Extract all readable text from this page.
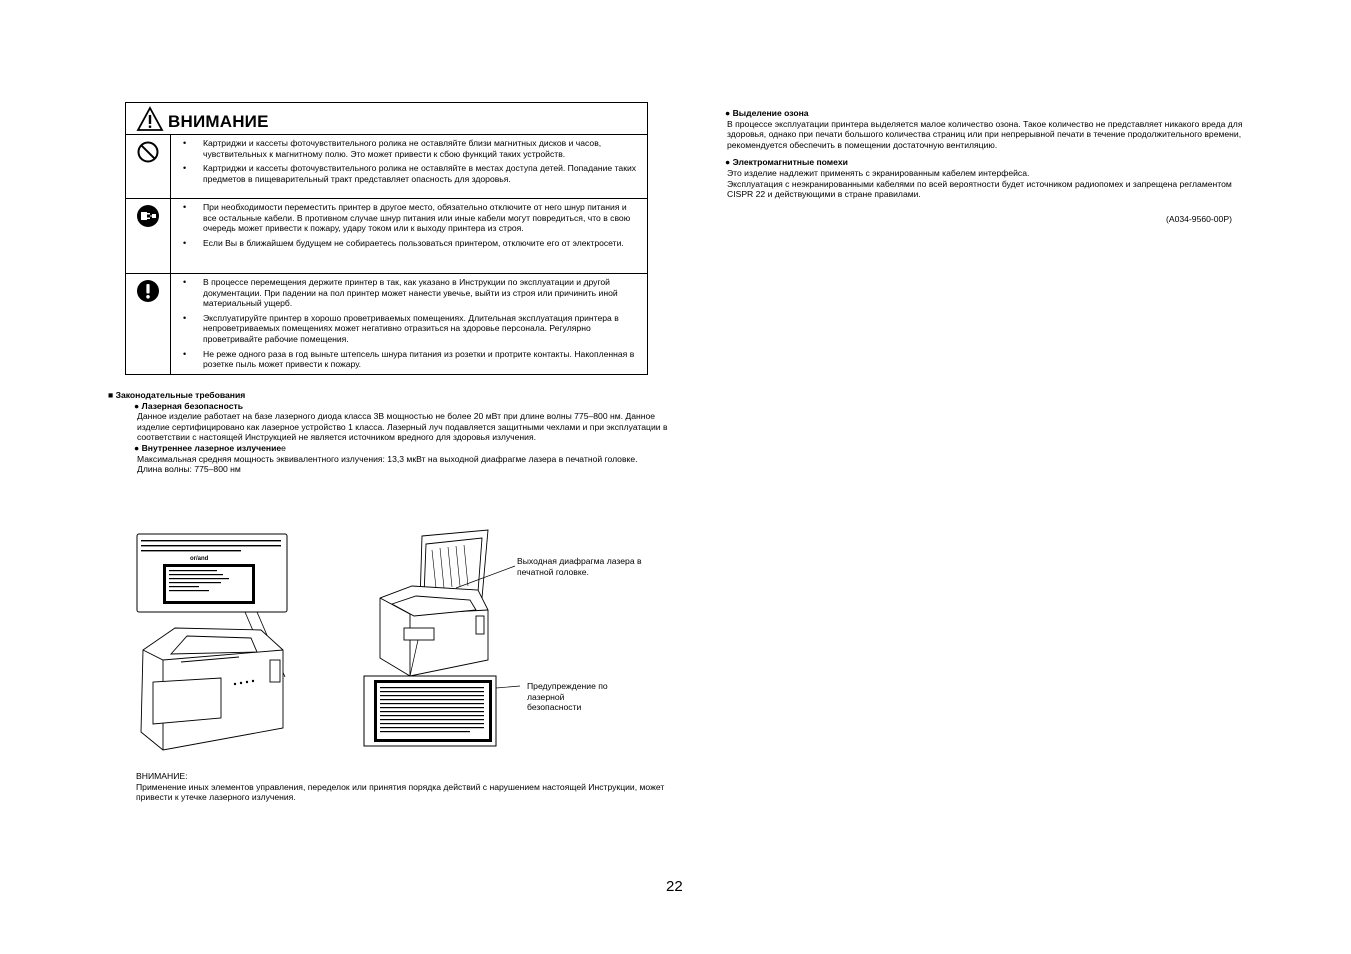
ВНИМАНИЕ
• Картриджи и кассеты фоточувствительного ролика не оставляйте близи магнитных дисков и часов, чувствительных к магнитному полю. Это может привести к сбою функций таких устройств.
• Картриджи и кассеты фоточувствительного ролика не оставляйте в местах доступа детей. Попадание таких предметов в пищеварительный тракт представляет опасность для здоровья.
• При необходимости переместить принтер в другое место, обязательно отключите от него шнур питания и все остальные кабели. В противном случае шнур питания или иные кабели могут повредиться, что в свою очередь может привести к пожару, удару током или к выходу принтера из строя.
• Если Вы в ближайшем будущем не собираетесь пользоваться принтером, отключите его от электросети.
• В процессе перемещения держите принтер в так, как указано в Инструкции по эксплуатации и другой документации. При падении на пол принтер может нанести увечье, выйти из строя или причинить иной материальный ущерб.
• Эксплуатируйте принтер в хорошо проветриваемых помещениях. Длительная эксплуатация принтера в непроветриваемых помещениях может негативно отразиться на здоровье персонала. Регулярно проветривайте рабочие помещения.
• Не реже одного раза в год выньте штепсель шнура питания из розетки и протрите контакты. Накопленная в розетке пыль может привести к пожару.
■ Законодательные требования
● Лазерная безопасность
Данное изделие работает на базе лазерного диода класса 3B мощностью не более 20 мВт при длине волны 775–800 нм. Данное изделие сертифицировано как лазерное устройство 1 класса. Лазерный луч подавляется защитными чехлами и при эксплуатации в соответствии с настоящей Инструкцией не является источником вредного для здоровья излучения.
● Внутреннее лазерное излучениее
Максимальная средняя мощность эквивалентного излучения: 13,3 мкВт на выходной диафрагме лазера в печатной головке.
Длина волны: 775–800 нм
or/and	Выходная диафрагма лазера в печатной головке.
Предупреждение по лазерной безопасности
ВНИМАНИЕ:
Применение иных элементов управления, переделок или принятия порядка действий с нарушением настоящей Инструкции, может привести к утечке лазерного излучения.
● Выделение озона
В процессе эксплуатации принтера выделяется малое количество озона. Такое количество не представляет никакого вреда для здоровья, однако при печати большого количества страниц или при непрерывной печати в течение продолжительного времени, рекомендуется обеспечить в помещении достаточную вентиляцию.
● Электромагнитные помехи
Это изделие надлежит применять с экранированным кабелем интерфейса.
Эксплуатация с неэкранированными кабелями по всей вероятности будет источником радиопомех и запрещена регламентом CISPR 22 и действующими в стране правилами.
(A034-9560-00P)
22
